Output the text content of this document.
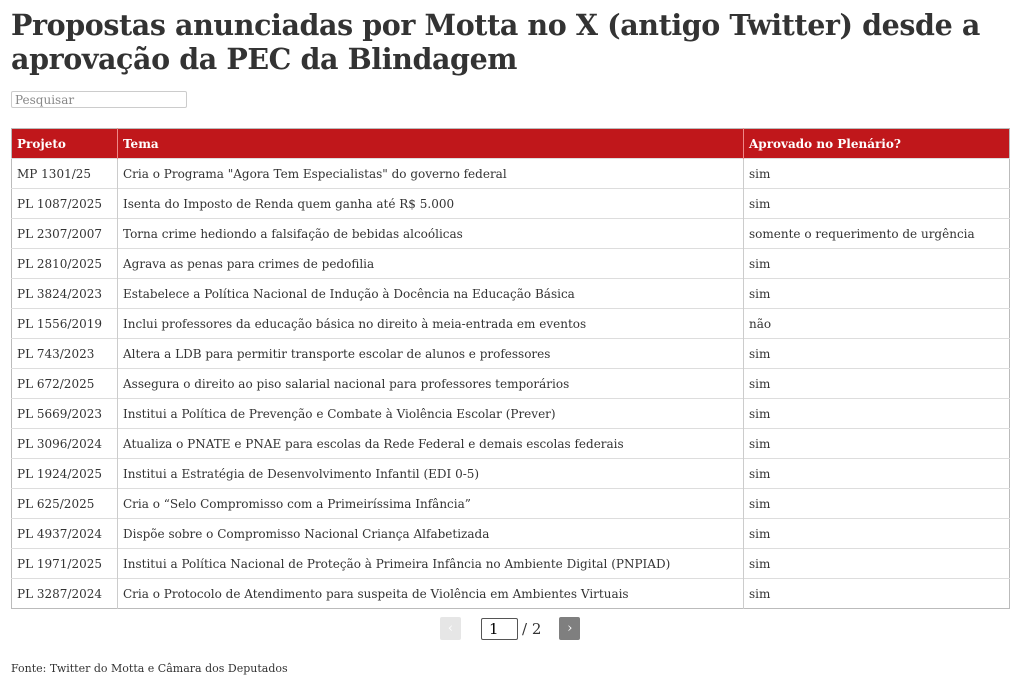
Propostas anunciadas por Motta no X (antigo Twitter) desde a aprovação da PEC da Blindagem
Pesquisar
Projeto	Tema	Aprovado no Plenário?
MP 1301/25	Cria o Programa "Agora Tem Especialistas" do governo federal	sim
PL 1087/2025	Isenta do Imposto de Renda quem ganha até R$ 5.000	sim
PL 2307/2007	Torna crime hediondo a falsifação de bebidas alcoólicas	somente o requerimento de urgência
PL 2810/2025	Agrava as penas para crimes de pedofilia	sim
PL 3824/2023	Estabelece a Política Nacional de Indução à Docência na Educação Básica	sim
PL 1556/2019	Inclui professores da educação básica no direito à meia-entrada em eventos	não
PL 743/2023	Altera a LDB para permitir transporte escolar de alunos e professores	sim
PL 672/2025	Assegura o direito ao piso salarial nacional para professores temporários	sim
PL 5669/2023	Institui a Política de Prevenção e Combate à Violência Escolar (Prever)	sim
PL 3096/2024	Atualiza o PNATE e PNAE para escolas da Rede Federal e demais escolas federais	sim
PL 1924/2025	Institui a Estratégia de Desenvolvimento Infantil (EDI 0-5)	sim
PL 625/2025	Cria o “Selo Compromisso com a Primeiríssima Infância”	sim
PL 4937/2024	Dispõe sobre o Compromisso Nacional Criança Alfabetizada	sim
PL 1971/2025	Institui a Política Nacional de Proteção à Primeira Infância no Ambiente Digital (PNPIAD)	sim
PL 3287/2024	Cria o Protocolo de Atendimento para suspeita de Violência em Ambientes Virtuais	sim
‹
1	/ 2	›
Fonte: Twitter do Motta e Câmara dos Deputados
